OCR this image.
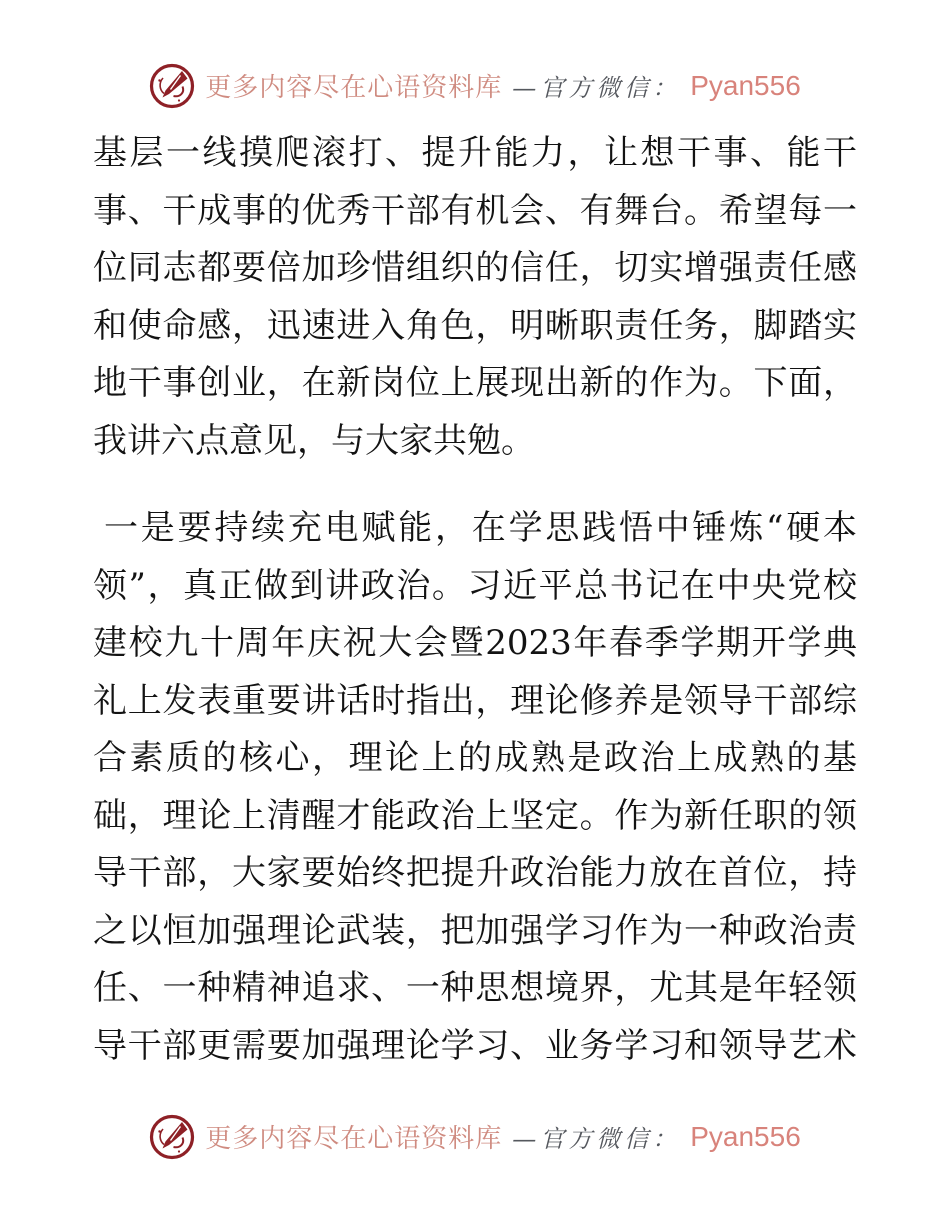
更多内容尽在心语资料库 —官方微信： Pyan556
基层一线摸爬滚打、提升能力，让想干事、能干
事、干成事的优秀干部有机会、有舞台。希望每一
位同志都要倍加珍惜组织的信任，切实增强责任感
和使命感，迅速进入角色，明晰职责任务，脚踏实
地干事创业，在新岗位上展现出新的作为。下面，
我讲六点意见，与大家共勉。
一是要持续充电赋能，在学思践悟中锤炼“硬本
领”，真正做到讲政治。习近平总书记在中央党校
建校九十周年庆祝大会暨2023年春季学期开学典
礼上发表重要讲话时指出，理论修养是领导干部综
合素质的核心，理论上的成熟是政治上成熟的基
础，理论上清醒才能政治上坚定。作为新任职的领
导干部，大家要始终把提升政治能力放在首位，持
之以恒加强理论武装，把加强学习作为一种政治责
任、一种精神追求、一种思想境界，尤其是年轻领
导干部更需要加强理论学习、业务学习和领导艺术
更多内容尽在心语资料库 —官方微信： Pyan556
